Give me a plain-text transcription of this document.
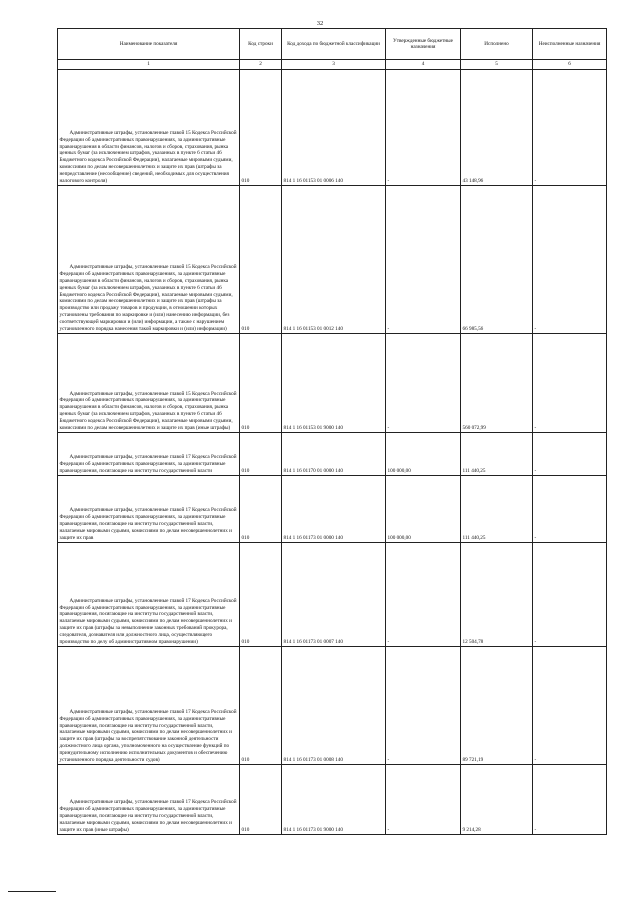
32
Наименование показателя	Код строки	Код дохода по бюджетной классификации	Утвержденные бюджетные назначения	Исполнено	Неисполненные назначения
1	2	3	4	5	6

Административные штрафы, установленные главой 15 Кодекса Российской Федерации об административных правонарушениях, за административные правонарушения в области финансов, налогов и сборов, страхования, рынка ценных бумаг (за исключением штрафов, указанных в пункте 6 статьи 46 Бюджетного кодекса Российской Федерации), налагаемые мировыми судьями, комиссиями по делам несовершеннолетних и защите их прав (штрафы за непредставление (несообщение) сведений, необходимых для осуществления налогового контроля)	010	814 1 16 01153 01 0006 140	-	43 148,96	-

Административные штрафы, установленные главой 15 Кодекса Российской Федерации об административных правонарушениях, за административные правонарушения в области финансов, налогов и сборов, страхования, рынка ценных бумаг (за исключением штрафов, указанных в пункте 6 статьи 46 Бюджетного кодекса Российской Федерации), налагаемые мировыми судьями, комиссиями по делам несовершеннолетних и защите их прав (штрафы за производство или продажу товаров и продукции, в отношении которых установлены требования по маркировке и (или) нанесению информации, без соответствующей маркировки и (или) информации, а также с нарушением установленного порядка нанесения такой маркировки и (или) информации)	010	814 1 16 01153 01 0012 140	-	66 985,56	-

Административные штрафы, установленные главой 15 Кодекса Российской Федерации об административных правонарушениях, за административные правонарушения в области финансов, налогов и сборов, страхования, рынка ценных бумаг (за исключением штрафов, указанных в пункте 6 статьи 46 Бюджетного кодекса Российской Федерации), налагаемые мировыми судьями, комиссиями по делам несовершеннолетних и защите их прав (иные штрафы)	010	814 1 16 01153 01 9000 140	-	560 072,99	-

Административные штрафы, установленные главой 17 Кодекса Российской Федерации об административных правонарушениях, за административные правонарушения, посягающие на институты государственной власти	010	814 1 16 01170 01 0000 140	100 000,00	111 440,25	-

Административные штрафы, установленные главой 17 Кодекса Российской Федерации об административных правонарушениях, за административные правонарушения, посягающие на институты государственной власти, налагаемые мировыми судьями, комиссиями по делам несовершеннолетних и защите их прав	010	814 1 16 01173 01 0000 140	100 000,00	111 440,25	-

Административные штрафы, установленные главой 17 Кодекса Российской Федерации об административных правонарушениях, за административные правонарушения, посягающие на институты государственной власти, налагаемые мировыми судьями, комиссиями по делам несовершеннолетних и защите их прав (штрафы за невыполнение законных требований прокурора, следователя, дознавателя или должностного лица, осуществляющего производство по делу об административном правонарушении)	010	814 1 16 01173 01 0007 140	-	12 504,78	-

Административные штрафы, установленные главой 17 Кодекса Российской Федерации об административных правонарушениях, за административные правонарушения, посягающие на институты государственной власти, налагаемые мировыми судьями, комиссиями по делам несовершеннолетних и защите их прав (штрафы за воспрепятствование законной деятельности должностного лица органа, уполномоченного на осуществление функций по принудительному исполнению исполнительных документов и обеспечению установленного порядка деятельности судов)	010	814 1 16 01173 01 0008 140	-	89 721,19	-

Административные штрафы, установленные главой 17 Кодекса Российской Федерации об административных правонарушениях, за административные правонарушения, посягающие на институты государственной власти, налагаемые мировыми судьями, комиссиями по делам несовершеннолетних и защите их прав (иные штрафы)	010	814 1 16 01173 01 9000 140	-	9 214,28	-
